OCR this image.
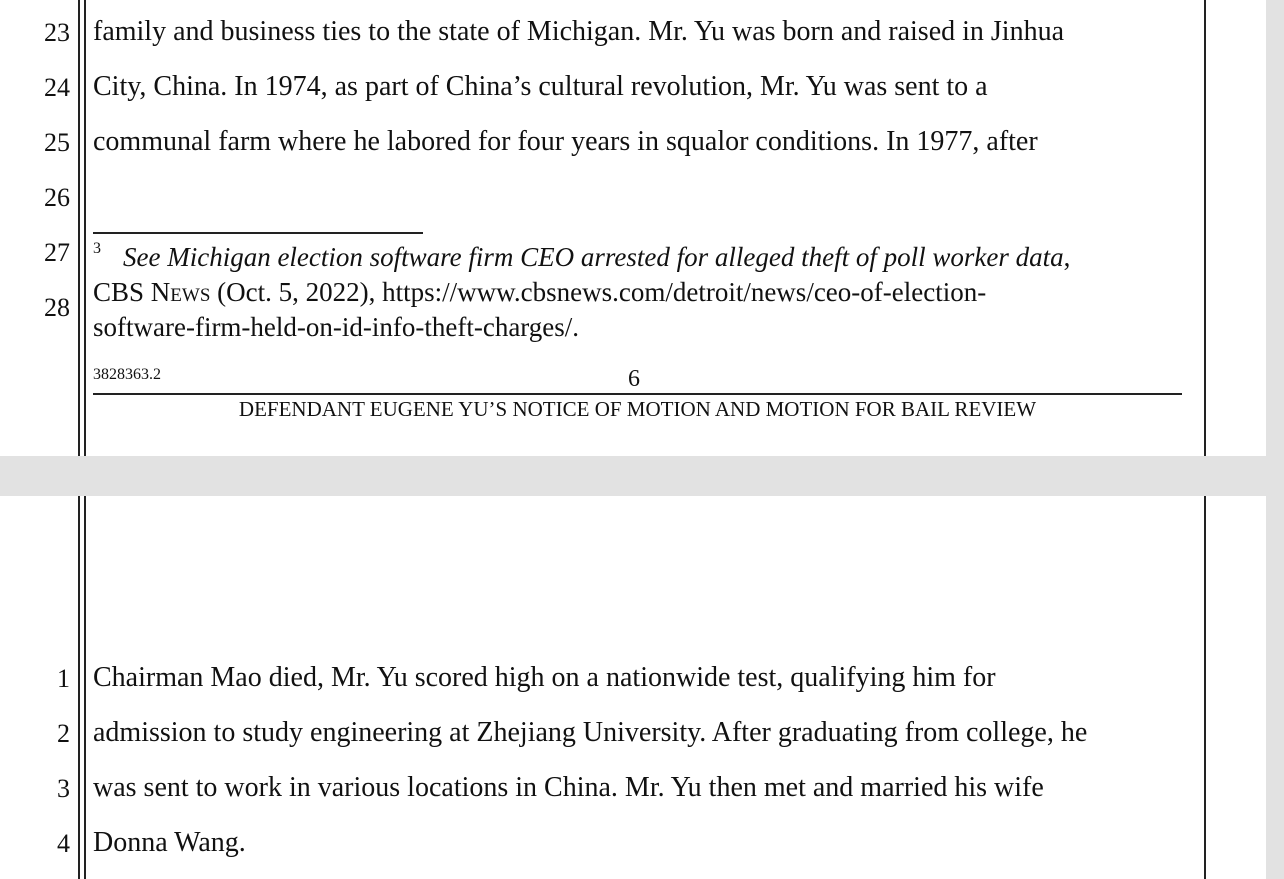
23
24
25
26
27
28
family and business ties to the state of Michigan. Mr. Yu was born and raised in Jinhua
City, China. In 1974, as part of China’s cultural revolution, Mr. Yu was sent to a
communal farm where he labored for four years in squalor conditions. In 1977, after
$^3$ See Michigan election software firm CEO arrested for alleged theft of poll worker data,
CBS News (Oct. 5, 2022), https://www.cbsnews.com/detroit/news/ceo-of-election-
software-firm-held-on-id-info-theft-charges/.
3828363.2	6
DEFENDANT EUGENE YU’S NOTICE OF MOTION AND MOTION FOR BAIL REVIEW
1
2
3
4
Chairman Mao died, Mr. Yu scored high on a nationwide test, qualifying him for
admission to study engineering at Zhejiang University. After graduating from college, he
was sent to work in various locations in China. Mr. Yu then met and married his wife
Donna Wang.
